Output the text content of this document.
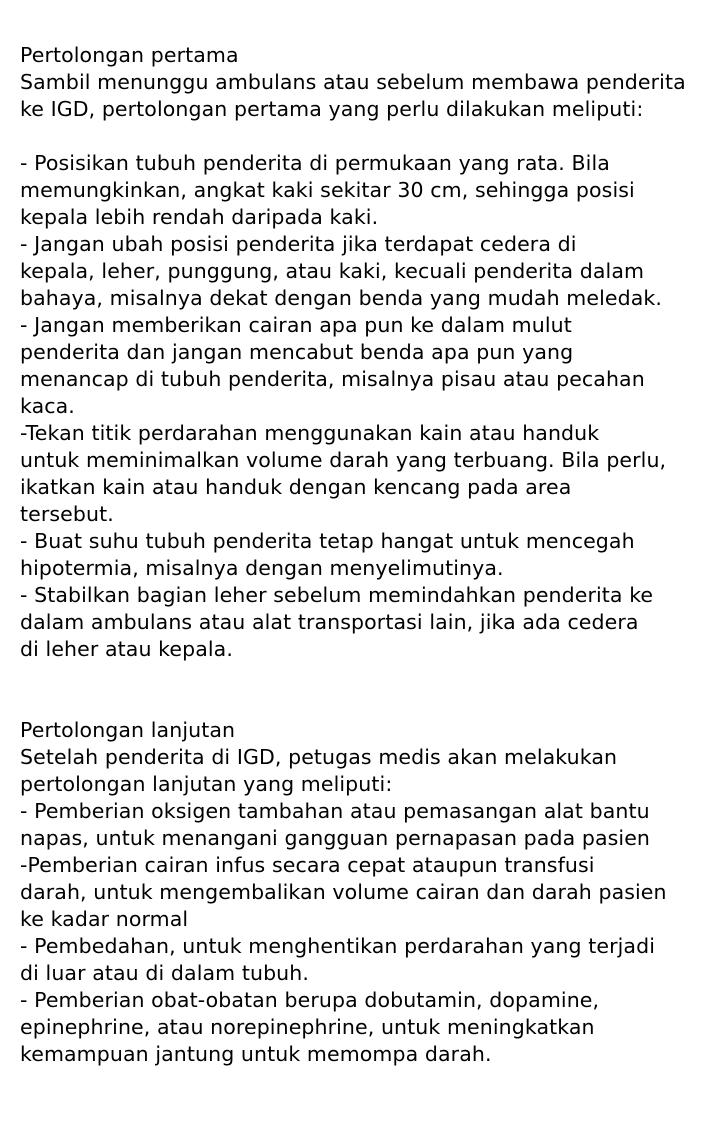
Pertolongan pertama
Sambil menunggu ambulans atau sebelum membawa penderita
ke IGD, pertolongan pertama yang perlu dilakukan meliputi:
- Posisikan tubuh penderita di permukaan yang rata. Bila
memungkinkan, angkat kaki sekitar 30 cm, sehingga posisi
kepala lebih rendah daripada kaki.
- Jangan ubah posisi penderita jika terdapat cedera di
kepala, leher, punggung, atau kaki, kecuali penderita dalam
bahaya, misalnya dekat dengan benda yang mudah meledak.
- Jangan memberikan cairan apa pun ke dalam mulut
penderita dan jangan mencabut benda apa pun yang
menancap di tubuh penderita, misalnya pisau atau pecahan
kaca.
-Tekan titik perdarahan menggunakan kain atau handuk
untuk meminimalkan volume darah yang terbuang. Bila perlu,
ikatkan kain atau handuk dengan kencang pada area
tersebut.
- Buat suhu tubuh penderita tetap hangat untuk mencegah
hipotermia, misalnya dengan menyelimutinya.
- Stabilkan bagian leher sebelum memindahkan penderita ke
dalam ambulans atau alat transportasi lain, jika ada cedera
di leher atau kepala.
Pertolongan lanjutan
Setelah penderita di IGD, petugas medis akan melakukan
pertolongan lanjutan yang meliputi:
- Pemberian oksigen tambahan atau pemasangan alat bantu
napas, untuk menangani gangguan pernapasan pada pasien
-Pemberian cairan infus secara cepat ataupun transfusi
darah, untuk mengembalikan volume cairan dan darah pasien
ke kadar normal
- Pembedahan, untuk menghentikan perdarahan yang terjadi
di luar atau di dalam tubuh.
- Pemberian obat-obatan berupa dobutamin, dopamine,
epinephrine, atau norepinephrine, untuk meningkatkan
kemampuan jantung untuk memompa darah.
